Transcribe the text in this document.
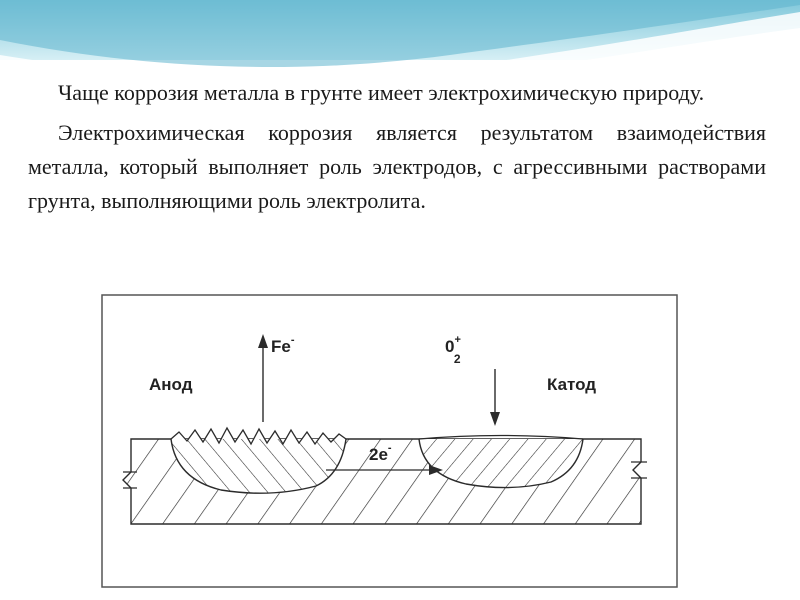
Чаще коррозия металла в грунте имеет электрохимическую природу.

Электрохимическая коррозия является результатом взаимодействия металла, который выполняет роль электродов, с агрессивными растворами грунта, выполняющими роль электролита.

Анод	Катод
Fe-	0+ 2
2e-
